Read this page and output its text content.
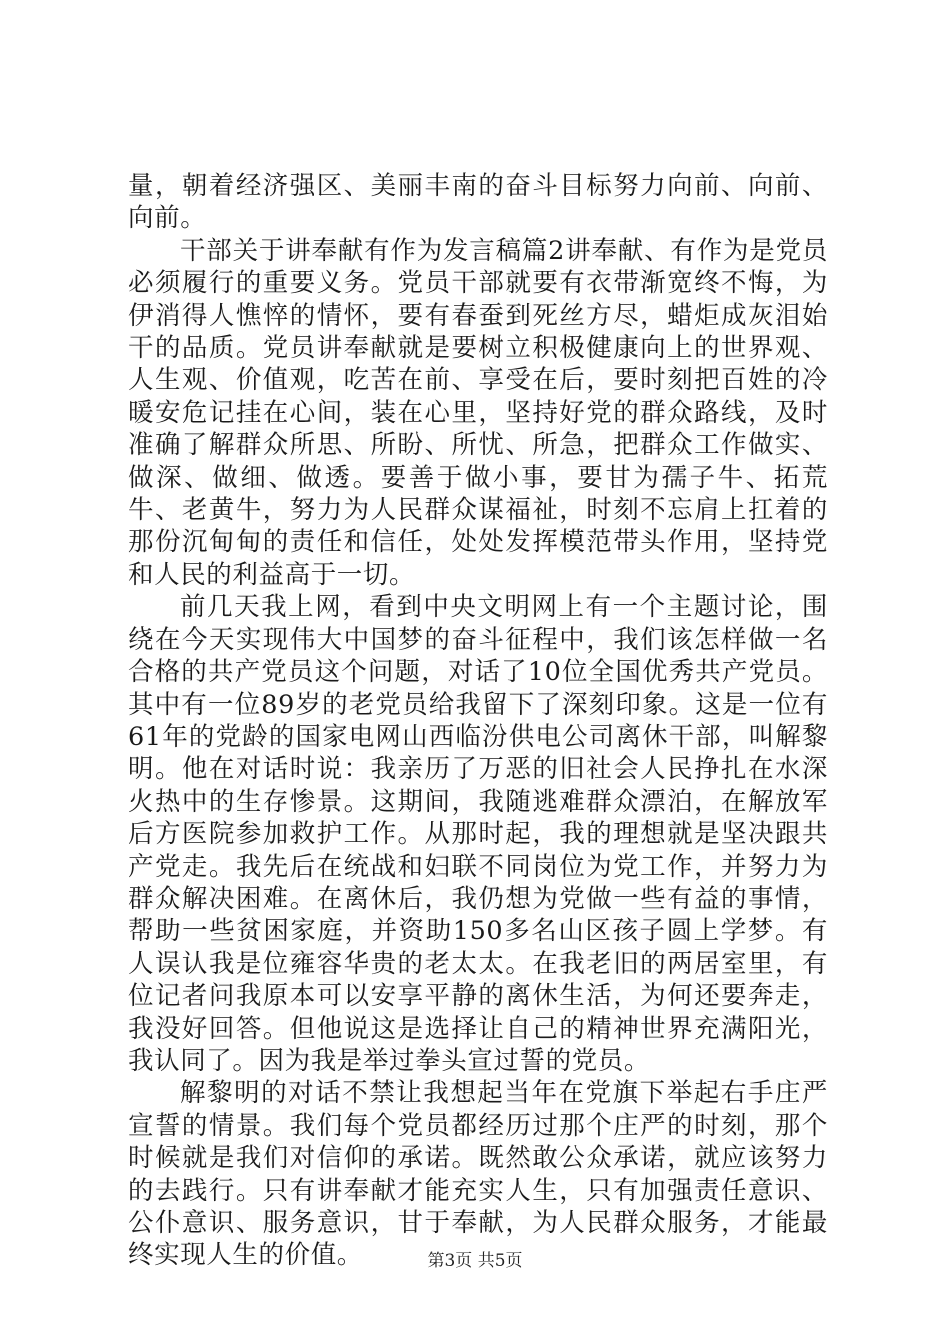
量，朝着经济强区、美丽丰南的奋斗目标努力向前、向前、向前。

干部关于讲奉献有作为发言稿篇2讲奉献、有作为是党员必须履行的重要义务。党员干部就要有衣带渐宽终不悔，为伊消得人憔悴的情怀，要有春蚕到死丝方尽，蜡炬成灰泪始干的品质。党员讲奉献就是要树立积极健康向上的世界观、人生观、价值观，吃苦在前、享受在后，要时刻把百姓的冷暖安危记挂在心间，装在心里，坚持好党的群众路线，及时准确了解群众所思、所盼、所忧、所急，把群众工作做实、做深、做细、做透。要善于做小事，要甘为孺子牛、拓荒牛、老黄牛，努力为人民群众谋福祉，时刻不忘肩上扛着的那份沉甸甸的责任和信任，处处发挥模范带头作用，坚持党和人民的利益高于一切。

前几天我上网，看到中央文明网上有一个主题讨论，围绕在今天实现伟大中国梦的奋斗征程中，我们该怎样做一名合格的共产党员这个问题，对话了10位全国优秀共产党员。其中有一位89岁的老党员给我留下了深刻印象。这是一位有61年的党龄的国家电网山西临汾供电公司离休干部，叫解黎明。他在对话时说：我亲历了万恶的旧社会人民挣扎在水深火热中的生存惨景。这期间，我随逃难群众漂泊，在解放军后方医院参加救护工作。从那时起，我的理想就是坚决跟共产党走。我先后在统战和妇联不同岗位为党工作，并努力为群众解决困难。在离休后，我仍想为党做一些有益的事情，帮助一些贫困家庭，并资助150多名山区孩子圆上学梦。有人误认我是位雍容华贵的老太太。在我老旧的两居室里，有位记者问我原本可以安享平静的离休生活，为何还要奔走，我没好回答。但他说这是选择让自己的精神世界充满阳光，我认同了。因为我是举过拳头宣过誓的党员。

解黎明的对话不禁让我想起当年在党旗下举起右手庄严宣誓的情景。我们每个党员都经历过那个庄严的时刻，那个时候就是我们对信仰的承诺。既然敢公众承诺，就应该努力的去践行。只有讲奉献才能充实人生，只有加强责任意识、公仆意识、服务意识，甘于奉献，为人民群众服务，才能最终实现人生的价值。	第3页 共5页
